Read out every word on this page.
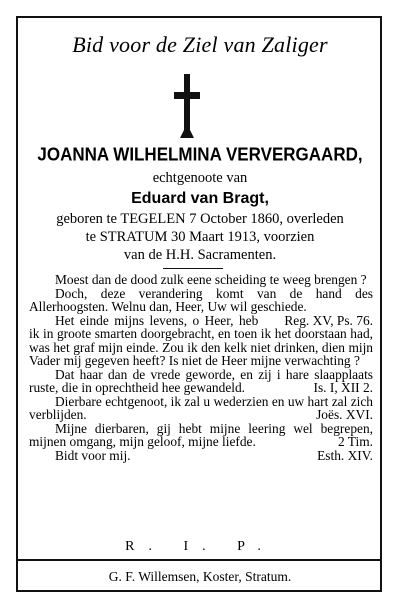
Bid voor de Ziel van Zaliger
JOANNA WILHELMINA VERVERGAARD,
echtgenoote van
Eduard van Bragt,
geboren te TEGELEN 7 October 1860, overleden
te STRATUM 30 Maart 1913, voorzien
van de H.H. Sacramenten.

Moest dan de dood zulk eene scheiding te weeg brengen ?

Doch, deze verandering komt van de hand des Allerhoogsten. Welnu dan, Heer, Uw wil geschiede.
Reg. XV, Ps. 76.

Het einde mijns levens, o Heer, heb ik in groote smarten doorgebracht, en toen ik het doorstaan had, was het graf mijn einde. Zou ik den kelk niet drinken, dien mijn Vader mij gegeven heeft? Is niet de Heer mijne verwachting ?

Dat haar dan de vrede geworde, en zij i hare slaapplaats ruste, die in oprechtheid hee gewandeld.	Is. I, XII 2.

Dierbare echtgenoot, ik zal u wederzien en uw hart zal zich verblijden.	Joës. XVI.

Mijne dierbaren, gij hebt mijne leering wel begrepen, mijnen omgang, mijn geloof, mijne liefde.	2 Tim.

Bidt voor mij.	Esth. XIV.

R. I. P.
G. F. Willemsen, Koster, Stratum.
